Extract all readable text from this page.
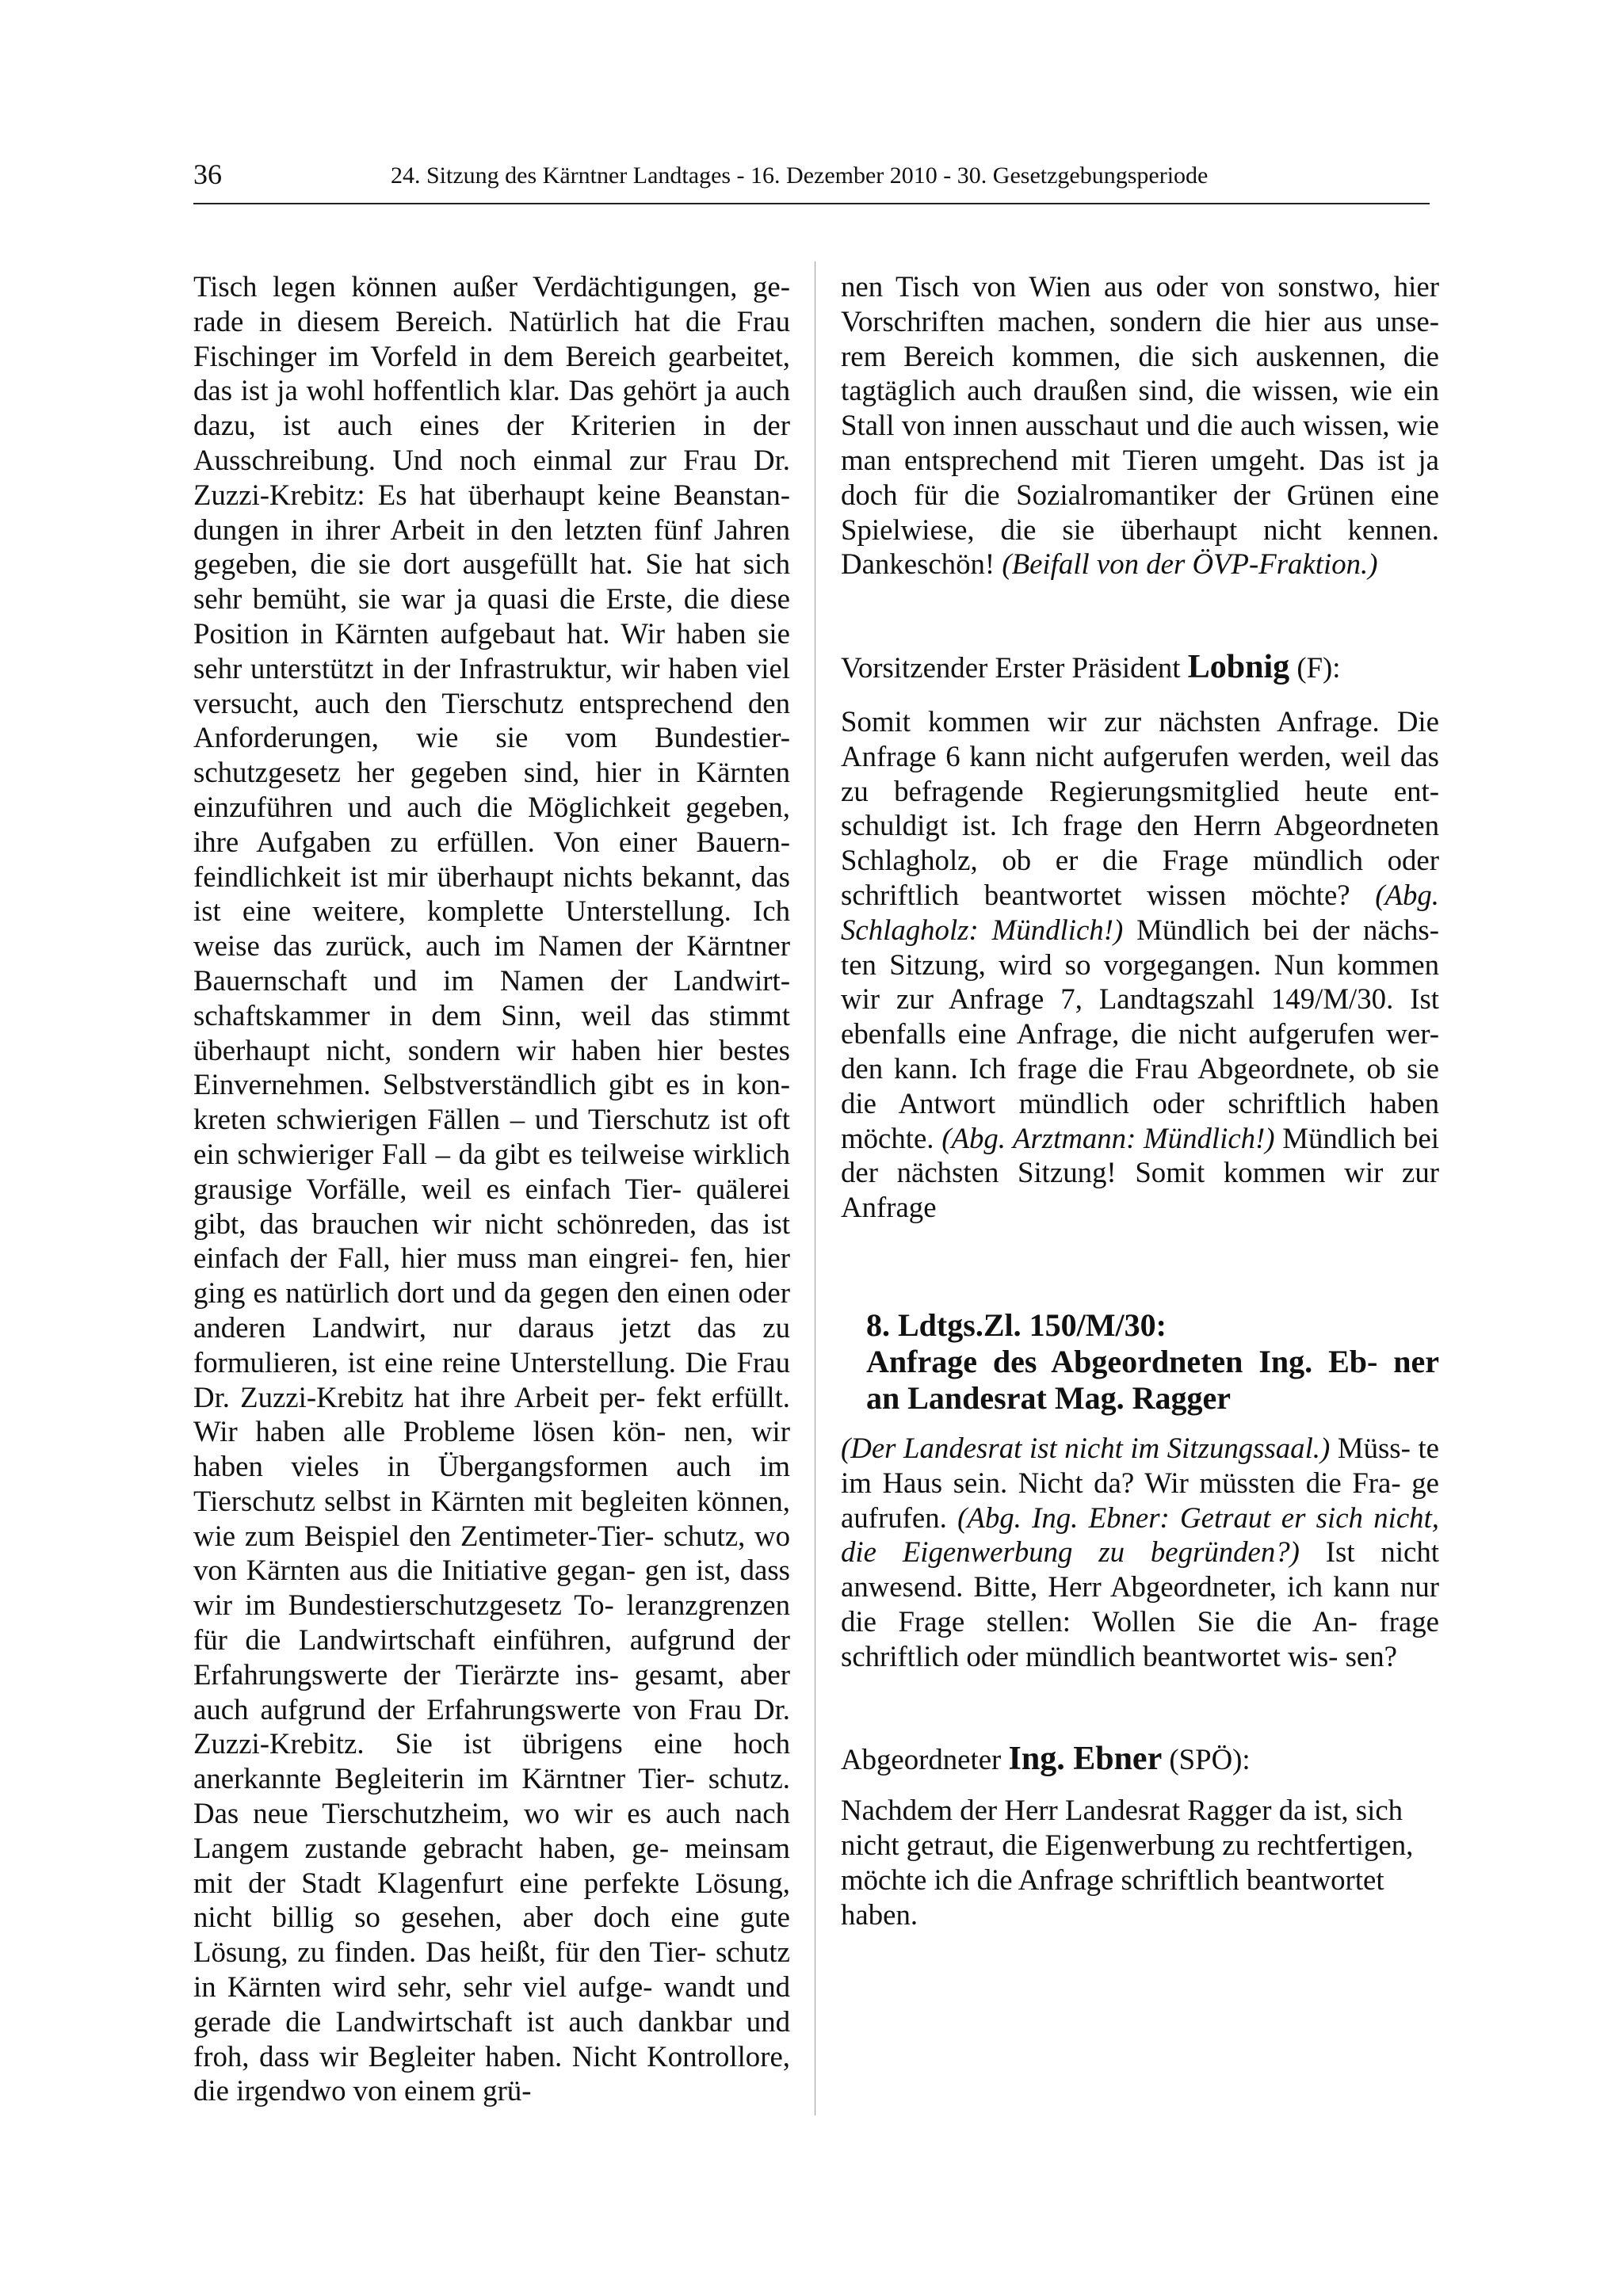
36	24. Sitzung des Kärntner Landtages - 16. Dezember 2010 - 30. Gesetzgebungsperiode

Tisch legen können außer Verdächtigungen, ge- rade in diesem Bereich. Natürlich hat die Frau Fischinger im Vorfeld in dem Bereich gearbeitet, das ist ja wohl hoffentlich klar. Das gehört ja auch dazu, ist auch eines der Kriterien in der Ausschreibung. Und noch einmal zur Frau Dr. Zuzzi-Krebitz: Es hat überhaupt keine Beanstan- dungen in ihrer Arbeit in den letzten fünf Jahren gegeben, die sie dort ausgefüllt hat. Sie hat sich sehr bemüht, sie war ja quasi die Erste, die diese Position in Kärnten aufgebaut hat. Wir haben sie sehr unterstützt in der Infrastruktur, wir haben viel versucht, auch den Tierschutz entsprechend den Anforderungen, wie sie vom Bundestier- schutzgesetz her gegeben sind, hier in Kärnten einzuführen und auch die Möglichkeit gegeben, ihre Aufgaben zu erfüllen. Von einer Bauern- feindlichkeit ist mir überhaupt nichts bekannt, das ist eine weitere, komplette Unterstellung. Ich weise das zurück, auch im Namen der Kärntner Bauernschaft und im Namen der Landwirt- schaftskammer in dem Sinn, weil das stimmt überhaupt nicht, sondern wir haben hier bestes Einvernehmen. Selbstverständlich gibt es in kon- kreten schwierigen Fällen – und Tierschutz ist oft ein schwieriger Fall – da gibt es teilweise wirklich grausige Vorfälle, weil es einfach Tier- quälerei gibt, das brauchen wir nicht schönreden, das ist einfach der Fall, hier muss man eingrei- fen, hier ging es natürlich dort und da gegen den einen oder anderen Landwirt, nur daraus jetzt das zu formulieren, ist eine reine Unterstellung. Die Frau Dr. Zuzzi-Krebitz hat ihre Arbeit per- fekt erfüllt. Wir haben alle Probleme lösen kön- nen, wir haben vieles in Übergangsformen auch im Tierschutz selbst in Kärnten mit begleiten können, wie zum Beispiel den Zentimeter-Tier- schutz, wo von Kärnten aus die Initiative gegan- gen ist, dass wir im Bundestierschutzgesetz To- leranzgrenzen für die Landwirtschaft einführen, aufgrund der Erfahrungswerte der Tierärzte ins- gesamt, aber auch aufgrund der Erfahrungswerte von Frau Dr. Zuzzi-Krebitz. Sie ist übrigens eine hoch anerkannte Begleiterin im Kärntner Tier- schutz. Das neue Tierschutzheim, wo wir es auch nach Langem zustande gebracht haben, ge- meinsam mit der Stadt Klagenfurt eine perfekte Lösung, nicht billig so gesehen, aber doch eine gute Lösung, zu finden. Das heißt, für den Tier- schutz in Kärnten wird sehr, sehr viel aufge- wandt und gerade die Landwirtschaft ist auch dankbar und froh, dass wir Begleiter haben. Nicht Kontrollore, die irgendwo von einem grü-

nen Tisch von Wien aus oder von sonstwo, hier Vorschriften machen, sondern die hier aus unse- rem Bereich kommen, die sich auskennen, die tagtäglich auch draußen sind, die wissen, wie ein Stall von innen ausschaut und die auch wissen, wie man entsprechend mit Tieren umgeht. Das ist ja doch für die Sozialromantiker der Grünen eine Spielwiese, die sie überhaupt nicht kennen. Dankeschön! (Beifall von der ÖVP-Fraktion.)

Vorsitzender Erster Präsident Lobnig (F):

Somit kommen wir zur nächsten Anfrage. Die Anfrage 6 kann nicht aufgerufen werden, weil das zu befragende Regierungsmitglied heute ent- schuldigt ist. Ich frage den Herrn Abgeordneten Schlagholz, ob er die Frage mündlich oder schriftlich beantwortet wissen möchte? (Abg. Schlagholz: Mündlich!) Mündlich bei der nächs- ten Sitzung, wird so vorgegangen. Nun kommen wir zur Anfrage 7, Landtagszahl 149/M/30. Ist ebenfalls eine Anfrage, die nicht aufgerufen wer- den kann. Ich frage die Frau Abgeordnete, ob sie die Antwort mündlich oder schriftlich haben möchte. (Abg. Arztmann: Mündlich!) Mündlich bei der nächsten Sitzung! Somit kommen wir zur Anfrage

8. Ldtgs.Zl. 150/M/30:
Anfrage des Abgeordneten Ing. Eb- ner an Landesrat Mag. Ragger

(Der Landesrat ist nicht im Sitzungssaal.) Müss- te im Haus sein. Nicht da? Wir müssten die Fra- ge aufrufen. (Abg. Ing. Ebner: Getraut er sich nicht, die Eigenwerbung zu begründen?) Ist nicht anwesend. Bitte, Herr Abgeordneter, ich kann nur die Frage stellen: Wollen Sie die An- frage schriftlich oder mündlich beantwortet wis- sen?

Abgeordneter Ing. Ebner (SPÖ):

Nachdem der Herr Landesrat Ragger da ist, sich nicht getraut, die Eigenwerbung zu rechtfertigen, möchte ich die Anfrage schriftlich beantwortet haben.
